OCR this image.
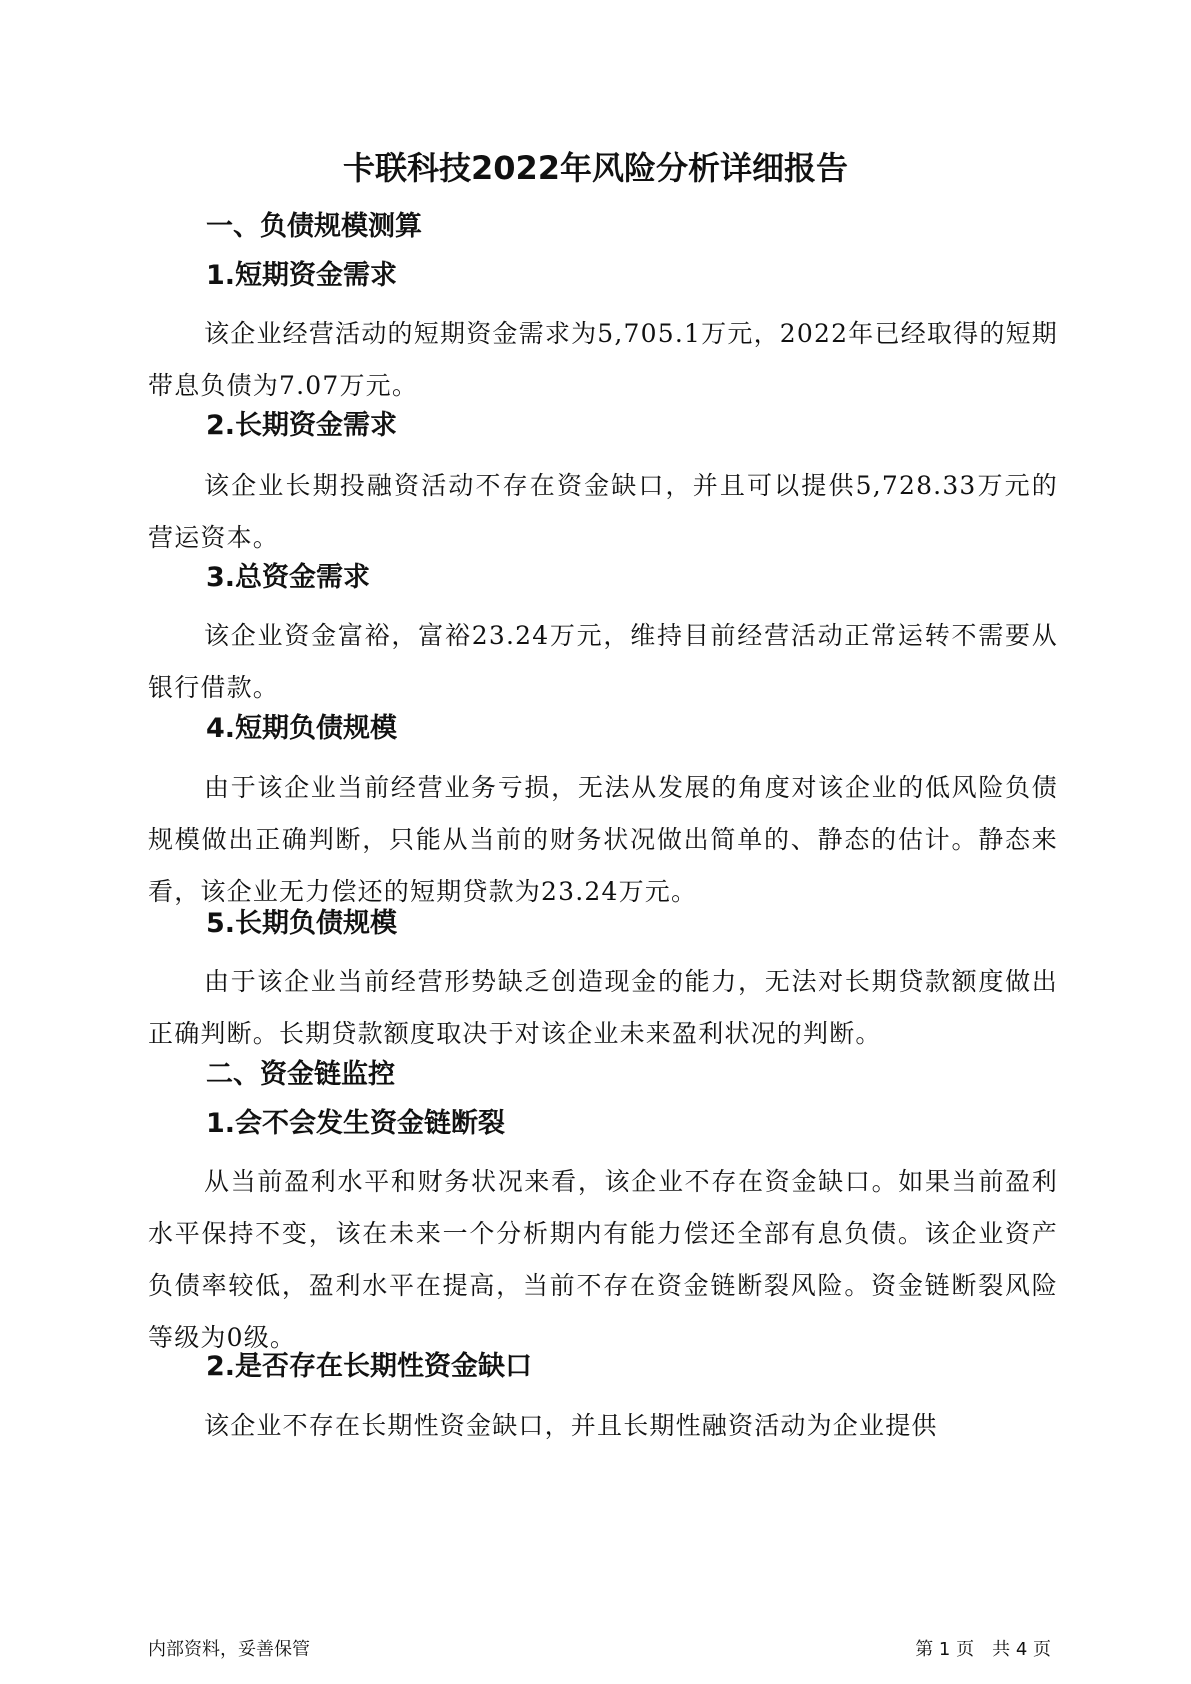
卡联科技2022年风险分析详细报告
一、负债规模测算
1.短期资金需求
该企业经营活动的短期资金需求为5,705.1万元，2022年已经取得的短期带息负债为7.07万元。
2.长期资金需求
该企业长期投融资活动不存在资金缺口，并且可以提供5,728.33万元的营运资本。
3.总资金需求
该企业资金富裕，富裕23.24万元，维持目前经营活动正常运转不需要从银行借款。
4.短期负债规模
由于该企业当前经营业务亏损，无法从发展的角度对该企业的低风险负债规模做出正确判断，只能从当前的财务状况做出简单的、静态的估计。静态来看，该企业无力偿还的短期贷款为23.24万元。
5.长期负债规模
由于该企业当前经营形势缺乏创造现金的能力，无法对长期贷款额度做出正确判断。长期贷款额度取决于对该企业未来盈利状况的判断。
二、资金链监控
1.会不会发生资金链断裂
从当前盈利水平和财务状况来看，该企业不存在资金缺口。如果当前盈利水平保持不变，该在未来一个分析期内有能力偿还全部有息负债。该企业资产负债率较低，盈利水平在提高，当前不存在资金链断裂风险。资金链断裂风险等级为0级。
2.是否存在长期性资金缺口
该企业不存在长期性资金缺口，并且长期性融资活动为企业提供
内部资料，妥善保管	第 1 页　共 4 页
